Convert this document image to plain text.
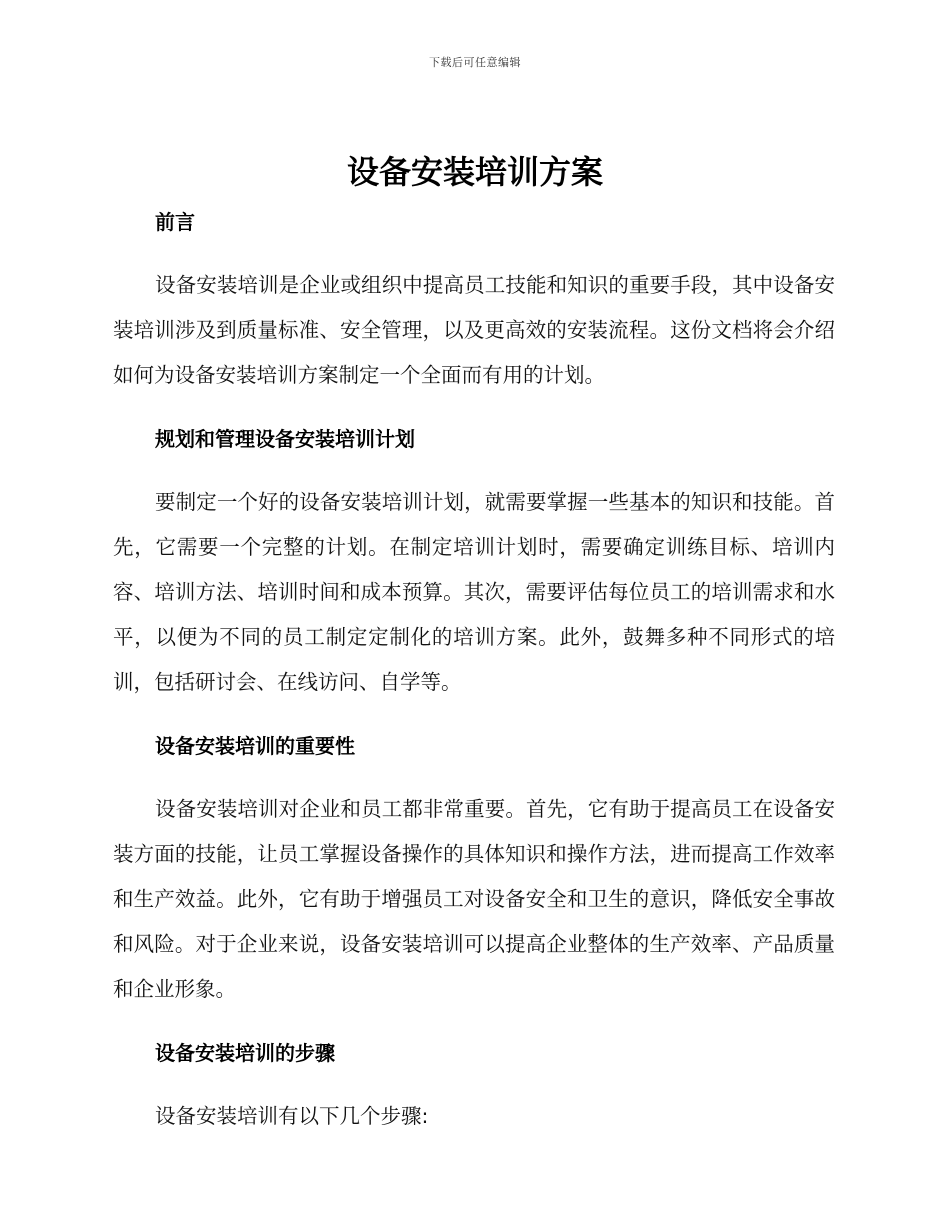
下载后可任意编辑
设备安装培训方案
前言

设备安装培训是企业或组织中提高员工技能和知识的重要手段，其中设备安装培训涉及到质量标准、安全管理，以及更高效的安装流程。这份文档将会介绍如何为设备安装培训方案制定一个全面而有用的计划。

规划和管理设备安装培训计划

要制定一个好的设备安装培训计划，就需要掌握一些基本的知识和技能。首先，它需要一个完整的计划。在制定培训计划时，需要确定训练目标、培训内容、培训方法、培训时间和成本预算。其次，需要评估每位员工的培训需求和水平，以便为不同的员工制定定制化的培训方案。此外，鼓舞多种不同形式的培训，包括研讨会、在线访问、自学等。

设备安装培训的重要性

设备安装培训对企业和员工都非常重要。首先，它有助于提高员工在设备安装方面的技能，让员工掌握设备操作的具体知识和操作方法，进而提高工作效率和生产效益。此外，它有助于增强员工对设备安全和卫生的意识，降低安全事故和风险。对于企业来说，设备安装培训可以提高企业整体的生产效率、产品质量和企业形象。

设备安装培训的步骤

设备安装培训有以下几个步骤:
